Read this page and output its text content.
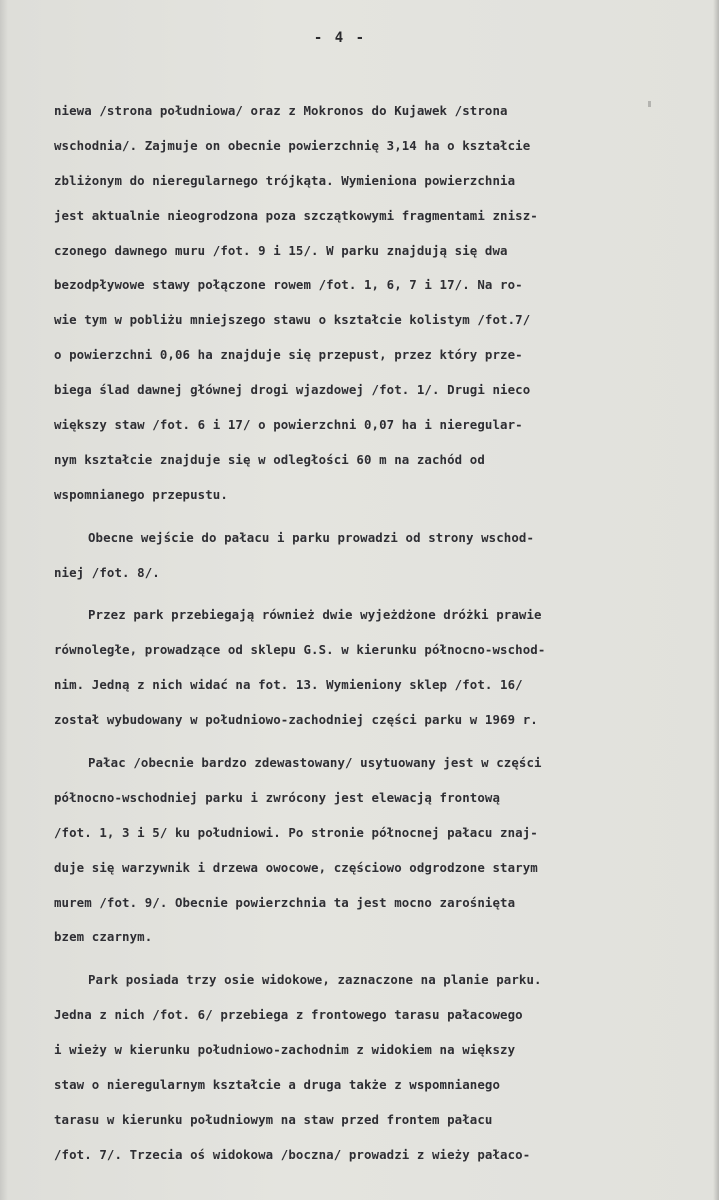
- 4 -
niewa /strona południowa/ oraz z Mokronos do Kujawek /strona
wschodnia/. Zajmuje on obecnie powierzchnię 3,14 ha o kształcie
zbliżonym do nieregularnego trójkąta. Wymieniona powierzchnia
jest aktualnie nieogrodzona poza szczątkowymi fragmentami znisz-
czonego dawnego muru /fot. 9 i 15/. W parku znajdują się dwa
bezodpływowe stawy połączone rowem /fot. 1, 6, 7 i 17/. Na ro-
wie tym w pobliżu mniejszego stawu o kształcie kolistym /fot.7/
o powierzchni 0,06 ha znajduje się przepust, przez który prze-
biega ślad dawnej głównej drogi wjazdowej /fot. 1/. Drugi nieco
większy staw /fot. 6 i 17/ o powierzchni 0,07 ha i nieregular-
nym kształcie znajduje się w odległości 60 m na zachód od
wspomnianego przepustu.
Obecne wejście do pałacu i parku prowadzi od strony wschod-
niej /fot. 8/.
Przez park przebiegają również dwie wyjeżdżone dróżki prawie
równoległe, prowadzące od sklepu G.S. w kierunku północno-wschod-
nim. Jedną z nich widać na fot. 13. Wymieniony sklep /fot. 16/
został wybudowany w południowo-zachodniej części parku w 1969 r.
Pałac /obecnie bardzo zdewastowany/ usytuowany jest w części
północno-wschodniej parku i zwrócony jest elewacją frontową
/fot. 1, 3 i 5/ ku południowi. Po stronie północnej pałacu znaj-
duje się warzywnik i drzewa owocowe, częściowo odgrodzone starym
murem /fot. 9/. Obecnie powierzchnia ta jest mocno zarośnięta
bzem czarnym.
Park posiada trzy osie widokowe, zaznaczone na planie parku.
Jedna z nich /fot. 6/ przebiega z frontowego tarasu pałacowego
i wieży w kierunku południowo-zachodnim z widokiem na większy
staw o nieregularnym kształcie a druga także z wspomnianego
tarasu w kierunku południowym na staw przed frontem pałacu
/fot. 7/. Trzecia oś widokowa /boczna/ prowadzi z wieży pałaco-
